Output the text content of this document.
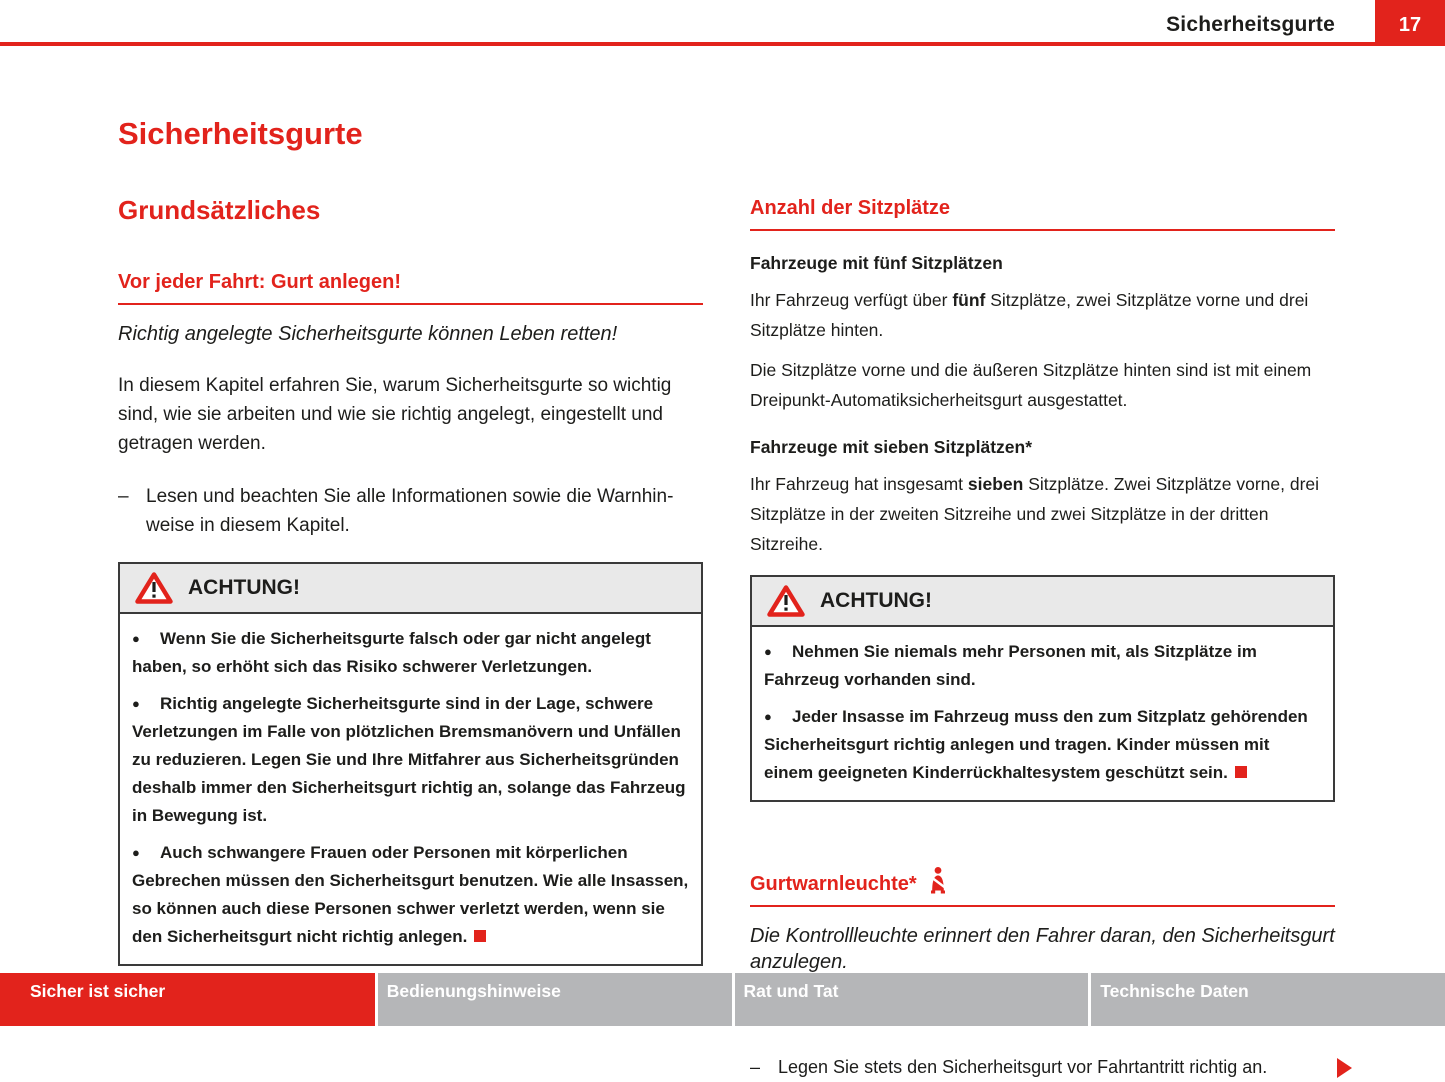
Sicherheitsgurte	17
Sicherheitsgurte
Grundsätzliches
Vor jeder Fahrt: Gurt anlegen!

Richtig angelegte Sicherheitsgurte können Leben retten!

In diesem Kapitel erfahren Sie, warum Sicherheitsgurte so wichtig sind, wie sie arbeiten und wie sie richtig angelegt, eingestellt und getragen werden.

–

Lesen und beachten Sie alle Informationen sowie die Warnhinweise in diesem Kapitel.

ACHTUNG!

● Wenn Sie die Sicherheitsgurte falsch oder gar nicht angelegt haben, so erhöht sich das Risiko schwerer Verletzungen.

● Richtig angelegte Sicherheitsgurte sind in der Lage, schwere Verletzungen im Falle von plötzlichen Bremsmanövern und Unfällen zu reduzieren. Legen Sie und Ihre Mitfahrer aus Sicherheitsgründen deshalb immer den Sicherheitsgurt richtig an, solange das Fahrzeug in Bewegung ist.

● Auch schwangere Frauen oder Personen mit körperlichen Gebrechen müssen den Sicherheitsgurt benutzen. Wie alle Insassen, so können auch diese Personen schwer verletzt werden, wenn sie den Sicherheitsgurt nicht richtig anlegen.

Anzahl der Sitzplätze
Fahrzeuge mit fünf Sitzplätzen

Ihr Fahrzeug verfügt über fünf Sitzplätze, zwei Sitzplätze vorne und drei Sitzplätze hinten.

Die Sitzplätze vorne und die äußeren Sitzplätze hinten sind ist mit einem Dreipunkt-Automatiksicherheitsgurt ausgestattet.

Fahrzeuge mit sieben Sitzplätzen*

Ihr Fahrzeug hat insgesamt sieben Sitzplätze. Zwei Sitzplätze vorne, drei Sitzplätze in der zweiten Sitzreihe und zwei Sitzplätze in der dritten Sitzreihe.

ACHTUNG!

● Nehmen Sie niemals mehr Personen mit, als Sitzplätze im Fahrzeug vorhanden sind.

● Jeder Insasse im Fahrzeug muss den zum Sitzplatz gehörenden Sicherheitsgurt richtig anlegen und tragen. Kinder müssen mit einem geeigneten Kinderrückhaltesystem geschützt sein.

Gurtwarnleuchte*

Die Kontrollleuchte erinnert den Fahrer daran, den Sicherheitsgurt anzulegen.

–

Legen Sie stets den Sicherheitsgurt vor Fahrtantritt richtig an.

Sicher ist sicher	Bedienungshinweise	Rat und Tat	Technische Daten
